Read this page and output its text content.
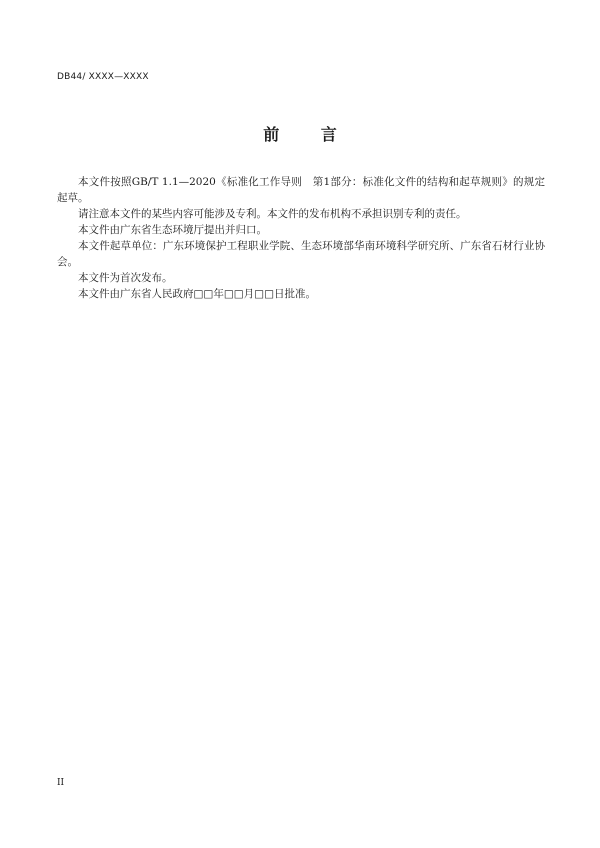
DB44/ XXXX—XXXX
前 言

本文件按照GB/T 1.1—2020《标准化工作导则　第1部分：标准化文件的结构和起草规则》的规定起草。

请注意本文件的某些内容可能涉及专利。本文件的发布机构不承担识别专利的责任。

本文件由广东省生态环境厅提出并归口。

本文件起草单位：广东环境保护工程职业学院、生态环境部华南环境科学研究所、广东省石材行业协会。

本文件为首次发布。

本文件由广东省人民政府□□年□□月□□日批准。

II
